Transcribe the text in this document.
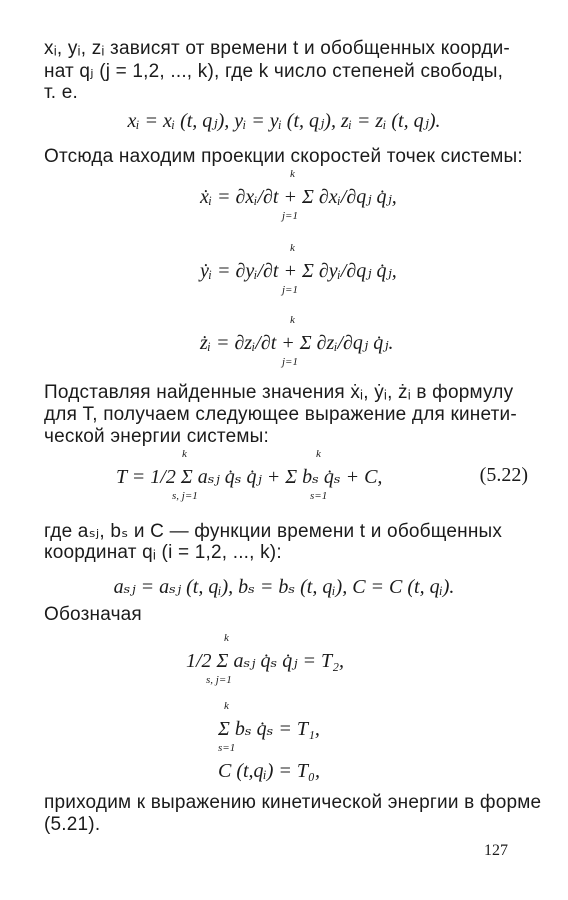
xᵢ, yᵢ, zᵢ зависят от времени t и обобщенных коорди-
нат qⱼ (j = 1,2, ..., k), где k число степеней свободы,
т. е.
xᵢ = xᵢ (t, qⱼ), yᵢ = yᵢ (t, qⱼ), zᵢ = zᵢ (t, qⱼ).
Отсюда находим проекции скоростей точек системы:
ẋᵢ = ∂xᵢ/∂t + Σ ∂xᵢ/∂qⱼ q̇ⱼ,
k
j=1
ẏᵢ = ∂yᵢ/∂t + Σ ∂yᵢ/∂qⱼ q̇ⱼ,
k
j=1
żᵢ = ∂zᵢ/∂t + Σ ∂zᵢ/∂qⱼ q̇ⱼ.
k
j=1
Подставляя найденные значения ẋᵢ, ẏᵢ, żᵢ в формулу
для T, получаем следующее выражение для кинети-
ческой энергии системы:
T = 1/2 Σ aₛⱼ q̇ₛ q̇ⱼ + Σ bₛ q̇ₛ + C,
k
s, j=1
k
s=1
(5.22)
где aₛⱼ, bₛ и C — функции времени t и обобщенных
координат qᵢ (i = 1,2, ..., k):
aₛⱼ = aₛⱼ (t, qᵢ), bₛ = bₛ (t, qᵢ), C = C (t, qᵢ).
Обозначая
1/2 Σ aₛⱼ q̇ₛ q̇ⱼ = T₂,
k
s, j=1
Σ bₛ q̇ₛ = T₁,
k
s=1
C (t,qᵢ) = T₀,
приходим к выражению кинетической энергии в форме
(5.21).
127
